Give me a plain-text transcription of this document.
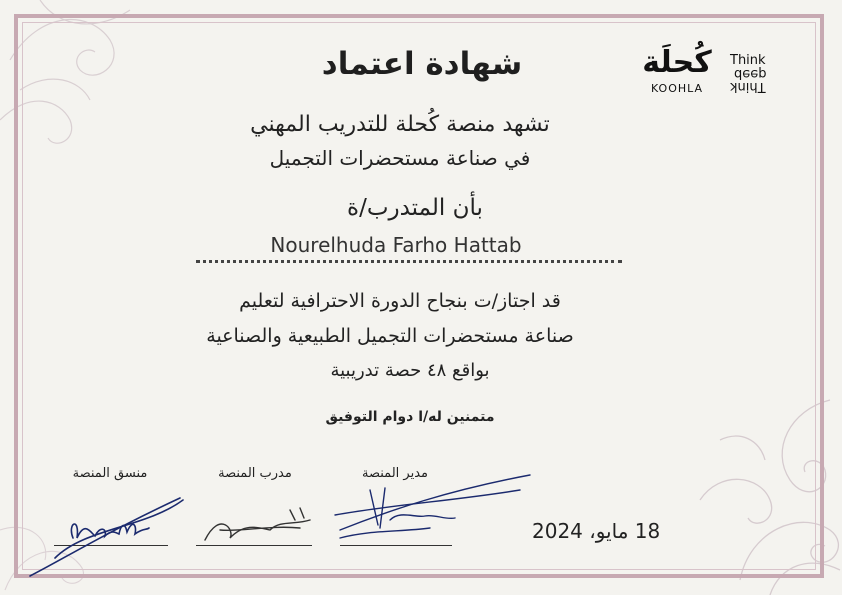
كُحلَة
KOOHLA
Think
deep
Think
شهادة اعتماد
تشهد منصة كُحلة للتدريب المهني
في صناعة مستحضرات التجميل
بأن المتدرب/ة
Nourelhuda Farho Hattab
قد اجتاز/ت بنجاح الدورة الاحترافية لتعليم
صناعة مستحضرات التجميل الطبيعية والصناعية
بواقع ٤٨ حصة تدريبية
متمنين له/ا دوام التوفيق
منسق المنصة	مدرب المنصة	مدير المنصة
18 مايو، 2024
